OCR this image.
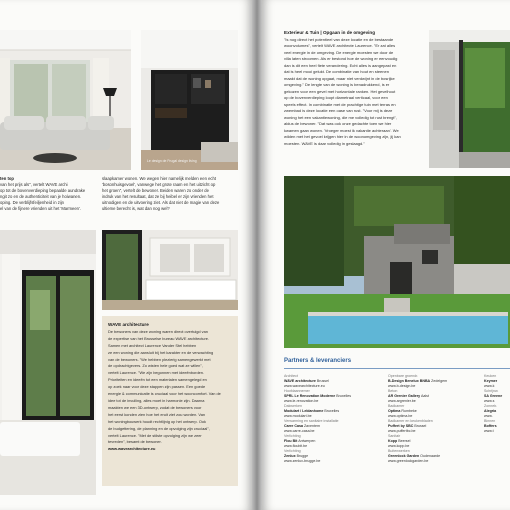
Le design de Frugal design living
ten top
van het prijs als", vertelt WAVE archi
op tot de bovenverdieping bepaalde aundrake
ngit zo en de authenticiteit van je hoiwanen.
oping. De verblijfsfeiljenheid in zijn
el van de fijnere vrienden uit het 'Marmeen'.
slaapkamer wonen. We wegen hier namelijk melden een echt
'bosonhuisgevoel', vanwege het grote raam en het uitzicht op
het groen", vertelt de bewoner. Beiden waren zo onder de
indruk van het resultaat, dat ze bij heibel er zijn vrienden het
uitnodigen en de uitvoering ziet. Als dat niet de magie van deze
ultieme berecht is, wat dan nog wel?
WAVE architecture
De bewoners van deze woning waren direct overtuigd van
de expertise van het Brusselse bureau WAVE architecture.
Samen met architect Laurence Vander Stel hebben
ze een woning die aansluit bij het karakter en de verwachting
van de bewoners. "We hebben plezierig samengewerkt met
de opdrachtgevers. Zo wisten hele goed wat ze willen",
vertelt Laurence. "We zijn begonnen met ideeënborden.
Prioriteiten en ideeën tot een materialen samengelegd en
op zoek naar voor deze stappen zijn passen. Een goede
energie & communicatie is cruciaal voor het wooncomfort. Van de
idee tot de invulling, alles moet in harmonie zijn. Daarna
maakten we een 3D-ontwerp, zodat de bewoners voor
het eerst konden zien hoe het eruit ziet zou worden. Van
het woningbouwerk houdt rechtlijnig op het ontwerp. Ook
de budgettering, de planning en de opvolging zijn cruciaal",
vertelt Laurence. "Met de stilste opvolging zijn we zeer
tevreden", besamt de bewoner.
www.wavearchitecture.eu
Exterieur & Tuin | Opgaan in de omgeving
"Is nog direct het potentieel van deze locatie en de bestaande
woonvolumes", vertelt WAVE architecte Laurence. "Er zat alles
veel energie in de omgeving. De energie moesten we door de
villa laten stroomen. Als er bestond hoe de woning er eenvoudig
dan is dit een heel fiete verandering. Echt alles is aangepast en
dat is heel mooi gelukt. De combinatie van hout en steenen
maakt dat de woning opgaat, maar niet verdwijnt in de bosrijke
omgeving." De lengte van de woning is benadrukkend, is er
gekozen voor een gevel met horizontale ranken. Het gevelhout
op de bovenverdieping loopt diametraal verticaal, voor een
speels effect. In combinatie met de prachtige tuin met terras en
zwembad is deze locatie een oase van rust. "Voor mij is deze
woning het een vakantiewoning, die me volledig tot rust brengt",
aldus de bewoner. "Dat was ook onze gedachte toen we hier
kwamen gaan wonen. 'Vroeger moest ik vakantie achteraan'. We
wilden met het gevoel krijgen hier in de woonomgeving zijn, jij kan
moesten. WAVE is daar volledig in geslaagd."
Partners & leveranciers
Architect
WAVE architecture Brussel
www.wavearchitecture.eu
Hoofdaannemer
SPRL Le Renovation Moderne Bruxelles
www.le-renovation.be
Dakwerken
Modulart / Leblanhome Bruxelles
www.modulart.be
Verwarming en sanitaire installatie
Carre Casa Zaventem
www.carre-casa.be
Verlichting
Flou Bit Antwerpen
www.floubit.be
Verlichting
Zenlux Brugge
www.zenlux-brugge.be
Openbare groendr.
B-Design Benelux BNBA Zedelgem
www.b-design.be
Beton
AR Grenier Gallery Aalst
www.argrenier.be
Badkamer
Optima Rumbeke
www.optima.be
Badkamer en keukenbladen
Puffert by SBC Brussel
www.puffertbc.be
Sanitair
Kopp Beersel
www.kopp.be
Buitenwerken
Greenlock Garden Oudenaarde
www.greenlockgarden.be
Keuken
Keymer
www.k
Schrijnw.
SA Greene
www.s
Zonneb.
Alegria
www.
Binnen
Boffers
www.t
